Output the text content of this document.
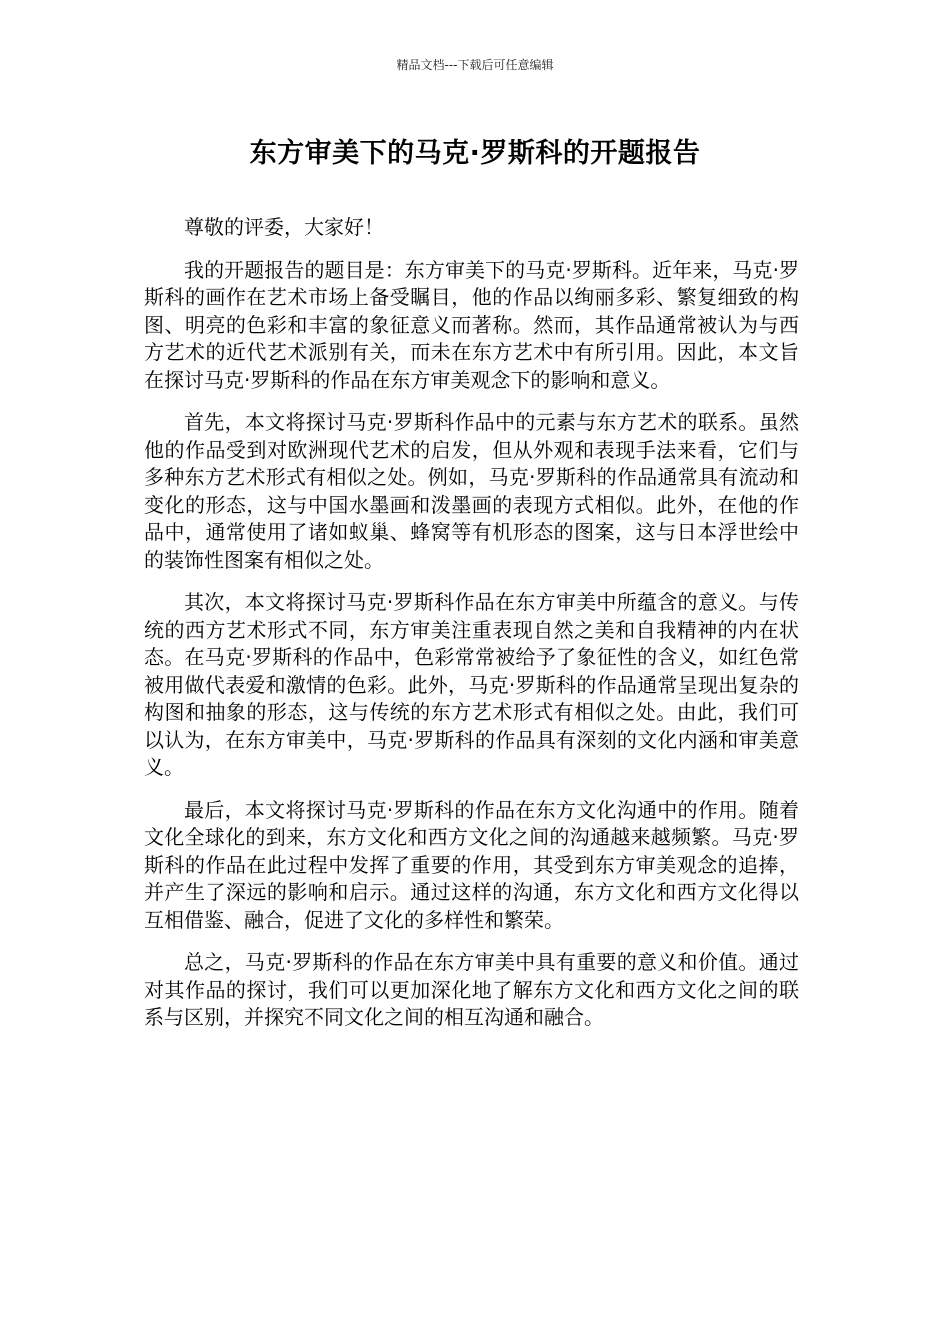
精品文档---下载后可任意编辑
东方审美下的马克·罗斯科的开题报告

尊敬的评委，大家好！

我的开题报告的题目是：东方审美下的马克·罗斯科。近年来，马克·罗斯科的画作在艺术市场上备受瞩目，他的作品以绚丽多彩、繁复细致的构图、明亮的色彩和丰富的象征意义而著称。然而，其作品通常被认为与西方艺术的近代艺术派别有关，而未在东方艺术中有所引用。因此，本文旨在探讨马克·罗斯科的作品在东方审美观念下的影响和意义。

首先，本文将探讨马克·罗斯科作品中的元素与东方艺术的联系。虽然他的作品受到对欧洲现代艺术的启发，但从外观和表现手法来看，它们与多种东方艺术形式有相似之处。例如，马克·罗斯科的作品通常具有流动和变化的形态，这与中国水墨画和泼墨画的表现方式相似。此外，在他的作品中，通常使用了诸如蚁巢、蜂窝等有机形态的图案，这与日本浮世绘中的装饰性图案有相似之处。

其次，本文将探讨马克·罗斯科作品在东方审美中所蕴含的意义。与传统的西方艺术形式不同，东方审美注重表现自然之美和自我精神的内在状态。在马克·罗斯科的作品中，色彩常常被给予了象征性的含义，如红色常被用做代表爱和激情的色彩。此外，马克·罗斯科的作品通常呈现出复杂的构图和抽象的形态，这与传统的东方艺术形式有相似之处。由此，我们可以认为，在东方审美中，马克·罗斯科的作品具有深刻的文化内涵和审美意义。

最后，本文将探讨马克·罗斯科的作品在东方文化沟通中的作用。随着文化全球化的到来，东方文化和西方文化之间的沟通越来越频繁。马克·罗斯科的作品在此过程中发挥了重要的作用，其受到东方审美观念的追捧，并产生了深远的影响和启示。通过这样的沟通，东方文化和西方文化得以互相借鉴、融合，促进了文化的多样性和繁荣。

总之，马克·罗斯科的作品在东方审美中具有重要的意义和价值。通过对其作品的探讨，我们可以更加深化地了解东方文化和西方文化之间的联系与区别，并探究不同文化之间的相互沟通和融合。
